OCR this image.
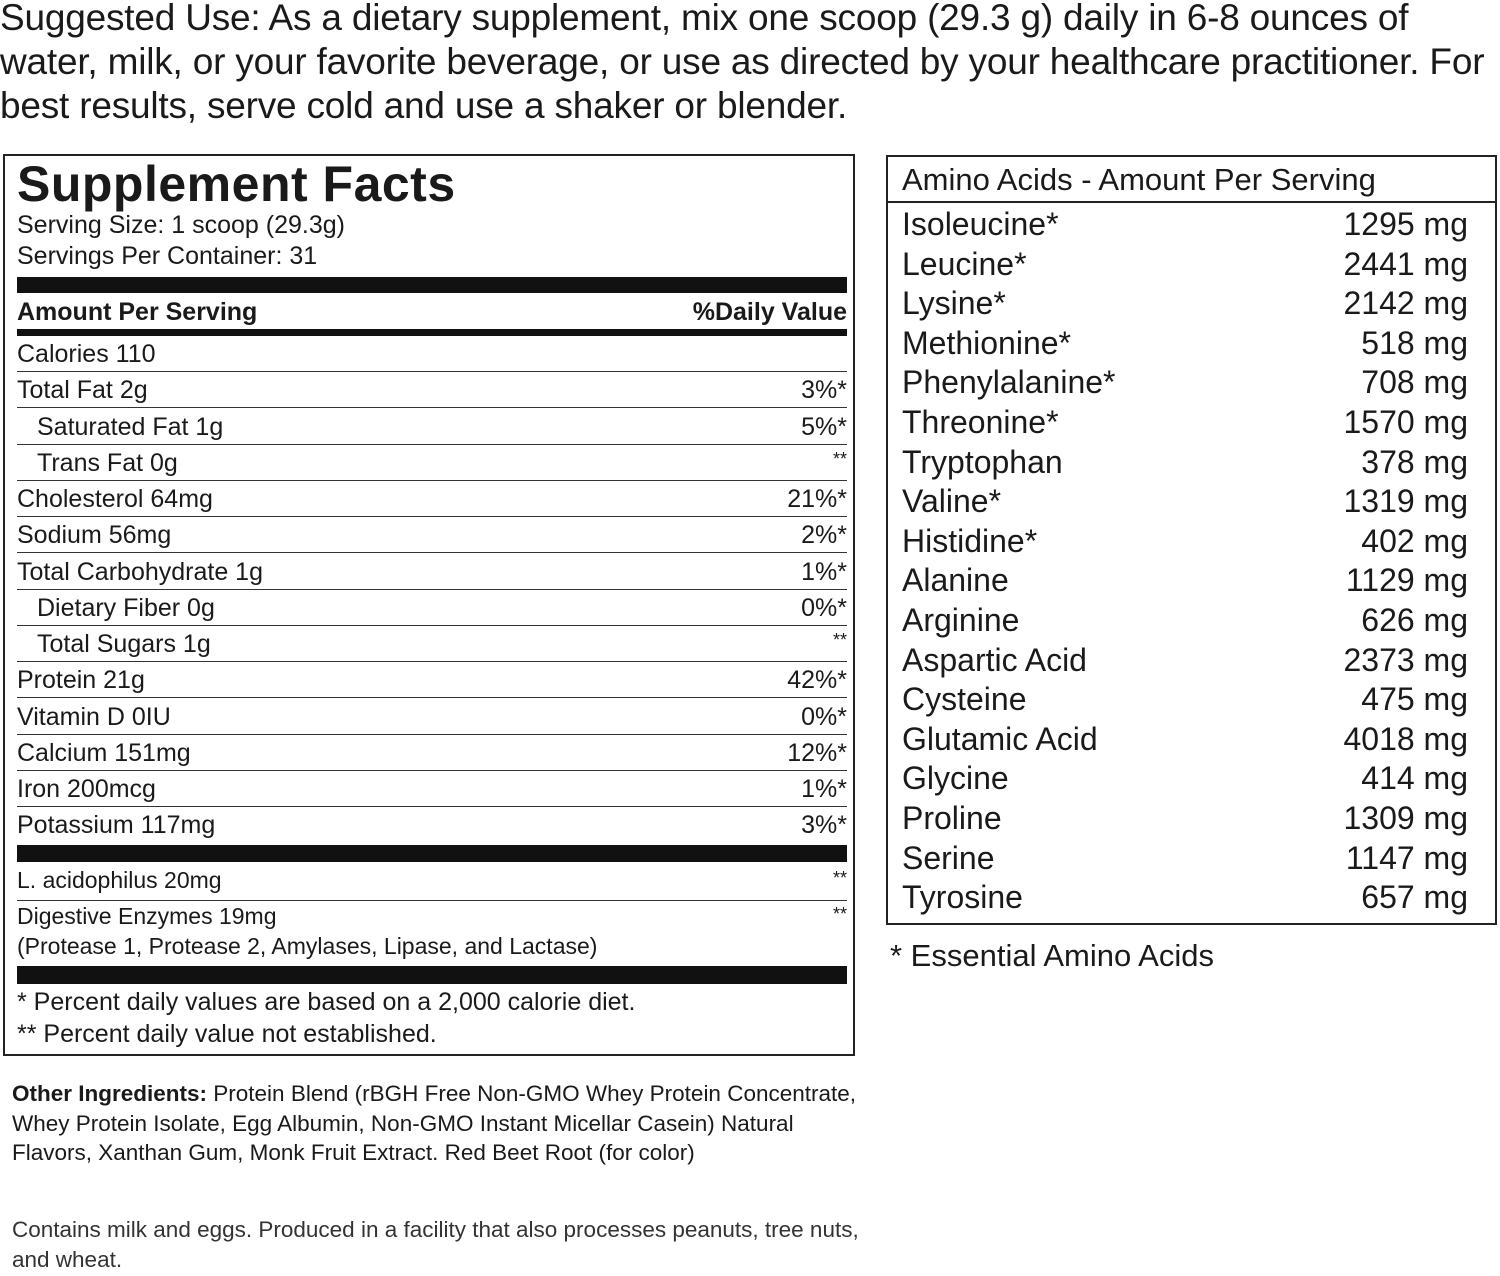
Suggested Use: As a dietary supplement, mix one scoop (29.3 g) daily in 6-8 ounces of water, milk, or your favorite beverage, or use as directed by your healthcare practitioner. For best results, serve cold and use a shaker or blender.
Supplement Facts
Serving Size: 1 scoop (29.3g)
Servings Per Container: 31
Amount Per Serving	%Daily Value
Calories 110
Total Fat 2g	3%*
Saturated Fat 1g	5%*
Trans Fat 0g	**
Cholesterol 64mg	21%*
Sodium 56mg	2%*
Total Carbohydrate 1g	1%*
Dietary Fiber 0g	0%*
Total Sugars 1g	**
Protein 21g	42%*
Vitamin D 0IU	0%*
Calcium 151mg	12%*
Iron 200mcg	1%*
Potassium 117mg	3%*
L. acidophilus 20mg	**
Digestive Enzymes 19mg	**
(Protease 1, Protease 2, Amylases, Lipase, and Lactase)
* Percent daily values are based on a 2,000 calorie diet.
** Percent daily value not established.
Amino Acids - Amount Per Serving
Isoleucine*	1295 mg
Leucine*	2441 mg
Lysine*	2142 mg
Methionine*	518 mg
Phenylalanine*	708 mg
Threonine*	1570 mg
Tryptophan	378 mg
Valine*	1319 mg
Histidine*	402 mg
Alanine	1129 mg
Arginine	626 mg
Aspartic Acid	2373 mg
Cysteine	475 mg
Glutamic Acid	4018 mg
Glycine	414 mg
Proline	1309 mg
Serine	1147 mg
Tyrosine	657 mg
* Essential Amino Acids
Other Ingredients: Protein Blend (rBGH Free Non-GMO Whey Protein Concentrate, Whey Protein Isolate, Egg Albumin, Non-GMO Instant Micellar Casein) Natural Flavors, Xanthan Gum, Monk Fruit Extract. Red Beet Root (for color)
Contains milk and eggs. Produced in a facility that also processes peanuts, tree nuts, and wheat.
